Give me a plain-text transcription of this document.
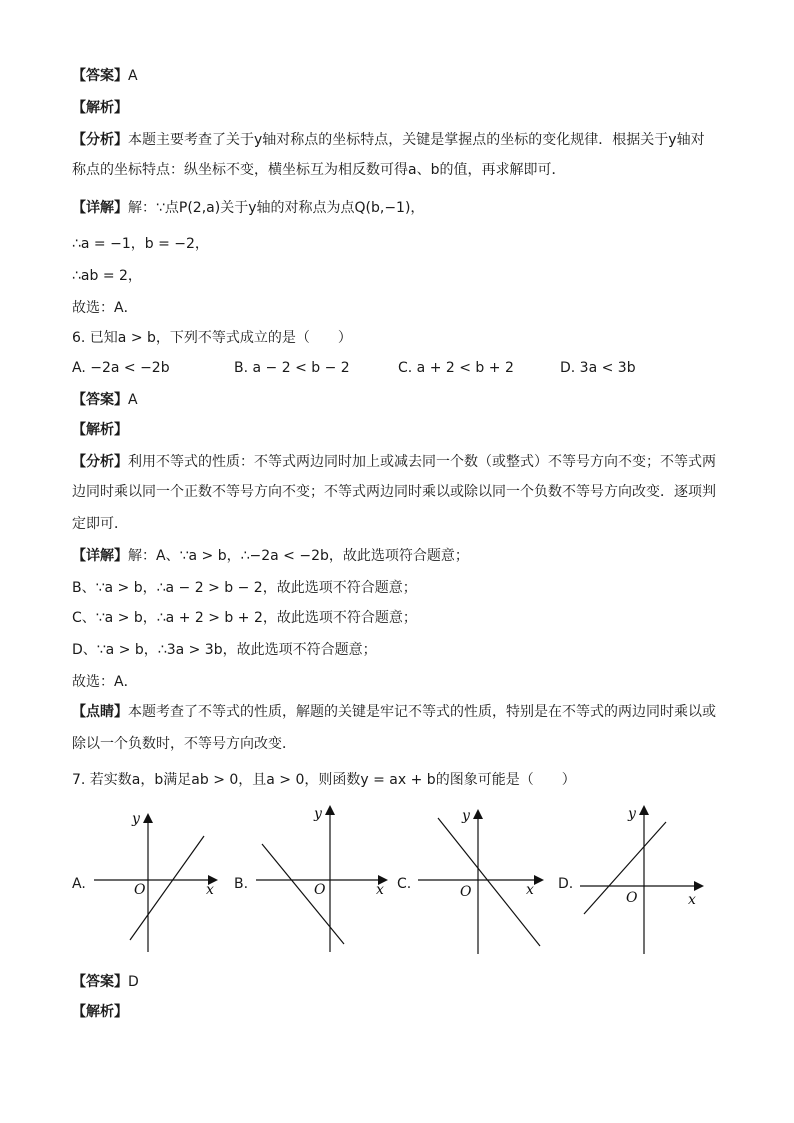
【答案】A
【解析】
【分析】本题主要考查了关于y轴对称点的坐标特点，关键是掌握点的坐标的变化规律．根据关于y轴对
称点的坐标特点：纵坐标不变，横坐标互为相反数可得a、b的值，再求解即可．
【详解】解：∵点P(2,a)关于y轴的对称点为点Q(b,−1)，
∴a = −1，b = −2，
∴ab = 2，
故选：A．
6. 已知a > b，下列不等式成立的是（　　）
A. −2a < −2b	B. a − 2 < b − 2	C. a + 2 < b + 2	D. 3a < 3b
【答案】A
【解析】
【分析】利用不等式的性质：不等式两边同时加上或减去同一个数（或整式）不等号方向不变；不等式两
边同时乘以同一个正数不等号方向不变；不等式两边同时乘以或除以同一个负数不等号方向改变．逐项判
定即可．
【详解】解：A、∵a > b，∴−2a < −2b，故此选项符合题意；
B、∵a > b，∴a − 2 > b − 2，故此选项不符合题意；
C、∵a > b，∴a + 2 > b + 2，故此选项不符合题意；
D、∵a > b，∴3a > 3b，故此选项不符合题意；
故选：A．
【点睛】本题考查了不等式的性质，解题的关键是牢记不等式的性质，特别是在不等式的两边同时乘以或
除以一个负数时，不等号方向改变．
7. 若实数a，b满足ab > 0，且a > 0，则函数y = ax + b的图象可能是（　　）
A.
y
x
O	B.
y
x
O	C.
y
x
O	D.
y
x
O
【答案】D
【解析】
